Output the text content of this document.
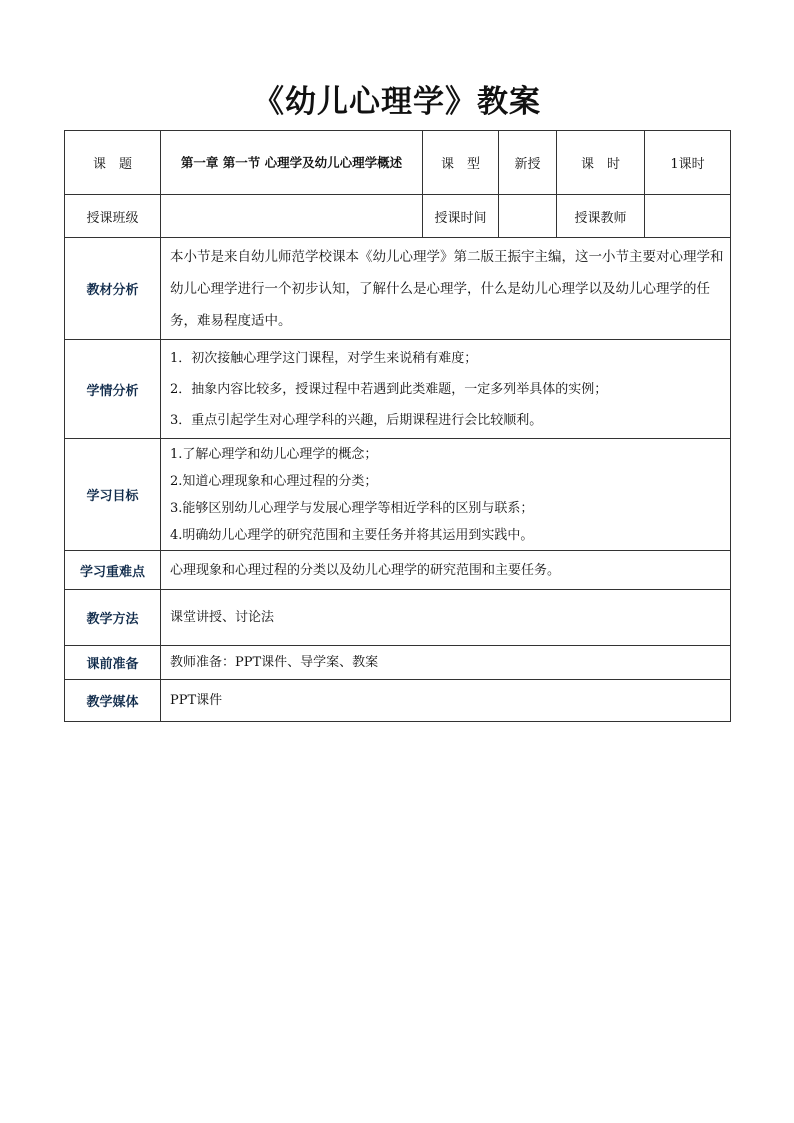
《幼儿心理学》教案
课　题	第一章 第一节 心理学及幼儿心理学概述	课　型	新授	课　时	1课时
授课班级		授课时间		授课教师	
教材分析	本小节是来自幼儿师范学校课本《幼儿心理学》第二版王振宇主编，这一小节主要对心理学和幼儿心理学进行一个初步认知，了解什么是心理学，什么是幼儿心理学以及幼儿心理学的任务，难易程度适中。				

学情分析	1．初次接触心理学这门课程，对学生来说稍有难度；
2．抽象内容比较多，授课过程中若遇到此类难题，一定多列举具体的实例；
3．重点引起学生对心理学科的兴趣，后期课程进行会比较顺利。				

学习目标	1.了解心理学和幼儿心理学的概念；
2.知道心理现象和心理过程的分类；
3.能够区别幼儿心理学与发展心理学等相近学科的区别与联系；
4.明确幼儿心理学的研究范围和主要任务并将其运用到实践中。				

学习重难点	心理现象和心理过程的分类以及幼儿心理学的研究范围和主要任务。				
教学方法	课堂讲授、讨论法				
课前准备	教师准备：PPT课件、导学案、教案				
教学媒体	PPT课件				
